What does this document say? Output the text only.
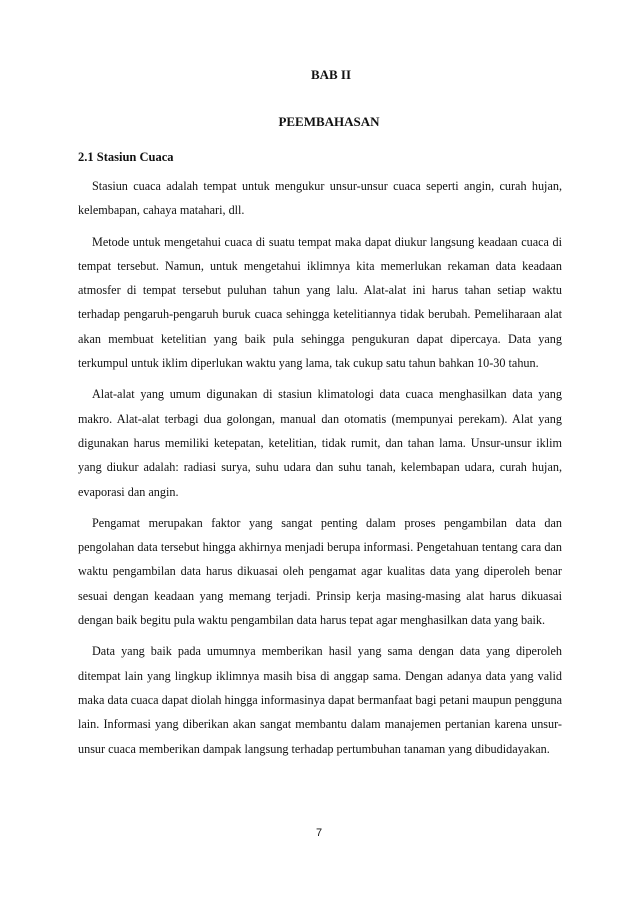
BAB II
PEEMBAHASAN
2.1 Stasiun Cuaca

Stasiun cuaca adalah tempat untuk mengukur unsur-unsur cuaca seperti angin, curah hujan, kelembapan, cahaya matahari, dll.

Metode untuk mengetahui cuaca di suatu tempat maka dapat diukur langsung keadaan cuaca di tempat tersebut. Namun, untuk mengetahui iklimnya kita memerlukan rekaman data keadaan atmosfer di tempat tersebut puluhan tahun yang lalu. Alat-alat ini harus tahan setiap waktu terhadap pengaruh-pengaruh buruk cuaca sehingga ketelitiannya tidak berubah. Pemeliharaan alat akan membuat ketelitian yang baik pula sehingga pengukuran dapat dipercaya. Data yang terkumpul untuk iklim diperlukan waktu yang lama, tak cukup satu tahun bahkan 10-30 tahun.

Alat-alat yang umum digunakan di stasiun klimatologi data cuaca menghasilkan data yang makro. Alat-alat terbagi dua golongan, manual dan otomatis (mempunyai perekam). Alat yang digunakan harus memiliki ketepatan, ketelitian, tidak rumit, dan tahan lama. Unsur-unsur iklim yang diukur adalah: radiasi surya, suhu udara dan suhu tanah, kelembapan udara, curah hujan, evaporasi dan angin.

Pengamat merupakan faktor yang sangat penting dalam proses pengambilan data dan pengolahan data tersebut hingga akhirnya menjadi berupa informasi. Pengetahuan tentang cara dan waktu pengambilan data harus dikuasai oleh pengamat agar kualitas data yang diperoleh benar sesuai dengan keadaan yang memang terjadi. Prinsip kerja masing-masing alat harus dikuasai dengan baik begitu pula waktu pengambilan data harus tepat agar menghasilkan data yang baik.

Data yang baik pada umumnya memberikan hasil yang sama dengan data yang diperoleh ditempat lain yang lingkup iklimnya masih bisa di anggap sama. Dengan adanya data yang valid maka data cuaca dapat diolah hingga informasinya dapat bermanfaat bagi petani maupun pengguna lain. Informasi yang diberikan akan sangat membantu dalam manajemen pertanian karena unsur-unsur cuaca memberikan dampak langsung terhadap pertumbuhan tanaman yang dibudidayakan.

7
